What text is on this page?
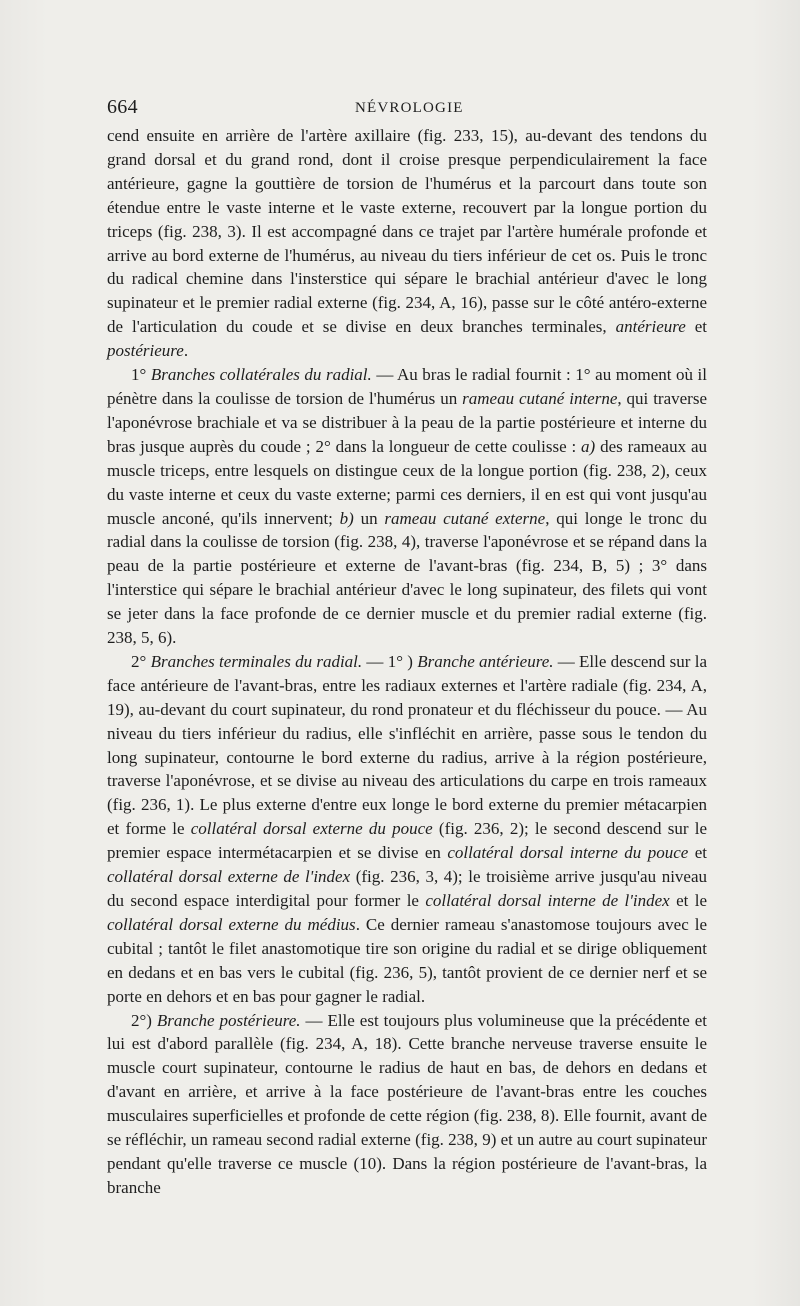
664	NÉVROLOGIE

cend ensuite en arrière de l'artère axillaire (fig. 233, 15), au-devant des tendons du grand dorsal et du grand rond, dont il croise presque perpendiculairement la face antérieure, gagne la gouttière de torsion de l'humérus et la parcourt dans toute son étendue entre le vaste interne et le vaste externe, recouvert par la longue portion du triceps (fig. 238, 3). Il est accompagné dans ce trajet par l'artère humérale profonde et arrive au bord externe de l'humérus, au niveau du tiers inférieur de cet os. Puis le tronc du radical chemine dans l'insterstice qui sépare le brachial antérieur d'avec le long supinateur et le premier radial externe (fig. 234, A, 16), passe sur le côté antéro-externe de l'articulation du coude et se divise en deux branches terminales, antérieure et postérieure.

1° Branches collatérales du radial. — Au bras le radial fournit : 1° au moment où il pénètre dans la coulisse de torsion de l'humérus un rameau cutané interne, qui traverse l'aponévrose brachiale et va se distribuer à la peau de la partie postérieure et interne du bras jusque auprès du coude ; 2° dans la longueur de cette coulisse : a) des rameaux au muscle triceps, entre lesquels on distingue ceux de la longue portion (fig. 238, 2), ceux du vaste interne et ceux du vaste externe; parmi ces derniers, il en est qui vont jusqu'au muscle anconé, qu'ils innervent; b) un rameau cutané externe, qui longe le tronc du radial dans la coulisse de torsion (fig. 238, 4), traverse l'aponévrose et se répand dans la peau de la partie postérieure et externe de l'avant-bras (fig. 234, B, 5) ; 3° dans l'interstice qui sépare le brachial antérieur d'avec le long supinateur, des filets qui vont se jeter dans la face profonde de ce dernier muscle et du premier radial externe (fig. 238, 5, 6).

2° Branches terminales du radial. — 1° ) Branche antérieure. — Elle descend sur la face antérieure de l'avant-bras, entre les radiaux externes et l'artère radiale (fig. 234, A, 19), au-devant du court supinateur, du rond pronateur et du fléchisseur du pouce. — Au niveau du tiers inférieur du radius, elle s'infléchit en arrière, passe sous le tendon du long supinateur, contourne le bord externe du radius, arrive à la région postérieure, traverse l'aponévrose, et se divise au niveau des articulations du carpe en trois rameaux (fig. 236, 1). Le plus externe d'entre eux longe le bord externe du premier métacarpien et forme le collatéral dorsal externe du pouce (fig. 236, 2); le second descend sur le premier espace intermétacarpien et se divise en collatéral dorsal interne du pouce et collatéral dorsal externe de l'index (fig. 236, 3, 4); le troisième arrive jusqu'au niveau du second espace interdigital pour former le collatéral dorsal interne de l'index et le collatéral dorsal externe du médius. Ce dernier rameau s'anastomose toujours avec le cubital ; tantôt le filet anastomotique tire son origine du radial et se dirige obliquement en dedans et en bas vers le cubital (fig. 236, 5), tantôt provient de ce dernier nerf et se porte en dehors et en bas pour gagner le radial.

2°) Branche postérieure. — Elle est toujours plus volumineuse que la précédente et lui est d'abord parallèle (fig. 234, A, 18). Cette branche nerveuse traverse ensuite le muscle court supinateur, contourne le radius de haut en bas, de dehors en dedans et d'avant en arrière, et arrive à la face postérieure de l'avant-bras entre les couches musculaires superficielles et profonde de cette région (fig. 238, 8). Elle fournit, avant de se réfléchir, un rameau second radial externe (fig. 238, 9) et un autre au court supinateur pendant qu'elle traverse ce muscle (10). Dans la région postérieure de l'avant-bras, la branche
